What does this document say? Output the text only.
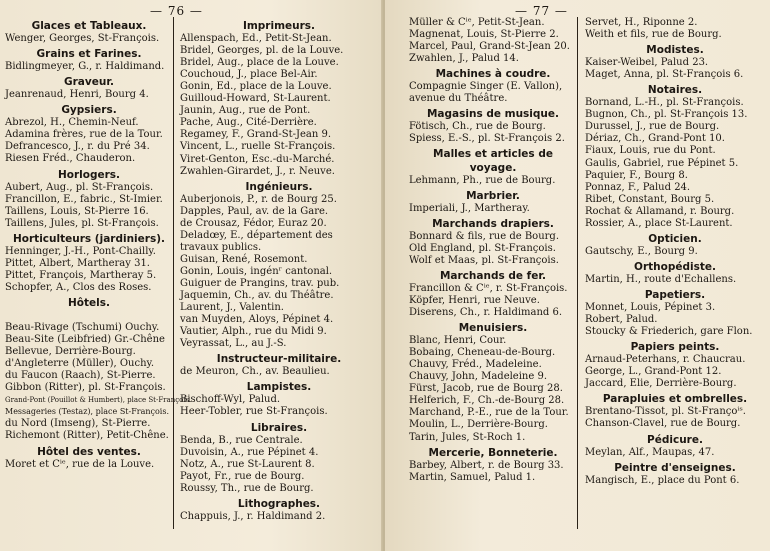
— 76 —
Glaces et Tableaux.
Wenger, Georges, St-François.
Grains et Farines.
Bidlingmeyer, G., r. Haldimand.
Graveur.
Jeanrenaud, Henri, Bourg 4.
Gypsiers.
Abrezol, H., Chemin-Neuf.
Adamina frères, rue de la Tour.
Defrancesco, J., r. du Pré 34.
Riesen Fréd., Chauderon.
Horlogers.
Aubert, Aug., pl. St-François.
Francillon, E., fabric., St-Imier.
Taillens, Louis, St-Pierre 16.
Taillens, Jules, pl. St-François.
Horticulteurs (jardiniers).
Henninger, J.-H., Pont-Chailly.
Pittet, Albert, Martheray 31.
Pittet, François, Martheray 5.
Schopfer, A., Clos des Roses.
Hôtels.
Beau-Rivage (Tschumi) Ouchy.
Beau-Site (Leibfried) Gr.-Chêne
Bellevue, Derrière-Bourg.
d'Angleterre (Müller), Ouchy.
du Faucon (Raach), St-Pierre.
Gibbon (Ritter), pl. St-François.
Grand-Pont (Pouillot & Humbert), place St-François.
Messageries (Testaz), place St-François.
du Nord (Imseng), St-Pierre.
Richemont (Ritter), Petit-Chêne.
Hôtel des ventes.
Moret et Cⁱᵉ, rue de la Louve.
Imprimeurs.
Allenspach, Ed., Petit-St-Jean.
Bridel, Georges, pl. de la Louve.
Bridel, Aug., place de la Louve.
Couchoud, J., place Bel-Air.
Gonin, Ed., place de la Louve.
Guilloud-Howard, St-Laurent.
Jaunin, Aug., rue de Pont.
Pache, Aug., Cité-Derrière.
Regamey, F., Grand-St-Jean 9.
Vincent, L., ruelle St-François.
Viret-Genton, Esc.-du-Marché.
Zwahlen-Girardet, J., r. Neuve.
Ingénieurs.
Auberjonois, P., r. de Bourg 25.
Dapples, Paul, av. de la Gare.
de Crousaz, Fédor, Euraz 20.
Deladœy, E., département des
travaux publics.
Guisan, René, Rosemont.
Gonin, Louis, ingénʳ cantonal.
Guiguer de Prangins, trav. pub.
Jaquemin, Ch., av. du Théâtre.
Laurent, J., Valentin.
van Muyden, Aloys, Pépinet 4.
Vautier, Alph., rue du Midi 9.
Veyrassat, L., au J.-S.
Instructeur-militaire.
de Meuron, Ch., av. Beaulieu.
Lampistes.
Bischoff-Wyl, Palud.
Heer-Tobler, rue St-François.
Libraires.
Benda, B., rue Centrale.
Duvoisin, A., rue Pépinet 4.
Notz, A., rue St-Laurent 8.
Payot, Fr., rue de Bourg.
Roussy, Th., rue de Bourg.
Lithographes.
Chappuis, J., r. Haldimand 2.
— 77 —
Müller & Cⁱᵉ, Petit-St-Jean.
Magnenat, Louis, St-Pierre 2.
Marcel, Paul, Grand-St-Jean 20.
Zwahlen, J., Palud 14.
Machines à coudre.
Compagnie Singer (E. Vallon),
avenue du Théâtre.
Magasins de musique.
Fötisch, Ch., rue de Bourg.
Spiess, E.-S., pl. St-François 2.
Malles et articles de
voyage.
Lehmann, Ph., rue de Bourg.
Marbrier.
Imperiali, J., Martheray.
Marchands drapiers.
Bonnard & fils, rue de Bourg.
Old England, pl. St-François.
Wolf et Maas, pl. St-François.
Marchands de fer.
Francillon & Cⁱᵉ, r. St-François.
Köpfer, Henri, rue Neuve.
Diserens, Ch., r. Haldimand 6.
Menuisiers.
Blanc, Henri, Cour.
Bobaing, Cheneau-de-Bourg.
Chauvy, Fréd., Madeleine.
Chauvy, John, Madeleine 9.
Fürst, Jacob, rue de Bourg 28.
Helferich, F., Ch.-de-Bourg 28.
Marchand, P.-E., rue de la Tour.
Moulin, L., Derrière-Bourg.
Tarin, Jules, St-Roch 1.
Mercerie, Bonneterie.
Barbey, Albert, r. de Bourg 33.
Martin, Samuel, Palud 1.
Servet, H., Riponne 2.
Weith et fils, rue de Bourg.
Modistes.
Kaiser-Weibel, Palud 23.
Maget, Anna, pl. St-François 6.
Notaires.
Bornand, L.-H., pl. St-François.
Bugnon, Ch., pl. St-François 13.
Durussel, J., rue de Bourg.
Dériaz, Ch., Grand-Pont 10.
Fiaux, Louis, rue du Pont.
Gaulis, Gabriel, rue Pépinet 5.
Paquier, F., Bourg 8.
Ponnaz, F., Palud 24.
Ribet, Constant, Bourg 5.
Rochat & Allamand, r. Bourg.
Rossier, A., place St-Laurent.
Opticien.
Gautschy, E., Bourg 9.
Orthopédiste.
Martin, H., route d'Echallens.
Papetiers.
Monnet, Louis, Pépinet 3.
Robert, Palud.
Stoucky & Friederich, gare Flon.
Papiers peints.
Arnaud-Peterhans, r. Chaucrau.
George, L., Grand-Pont 12.
Jaccard, Elie, Derrière-Bourg.
Parapluies et ombrelles.
Brentano-Tissot, pl. St-Françoⁱˢ.
Chanson-Clavel, rue de Bourg.
Pédicure.
Meylan, Alf., Maupas, 47.
Peintre d'enseignes.
Mangisch, E., place du Pont 6.
